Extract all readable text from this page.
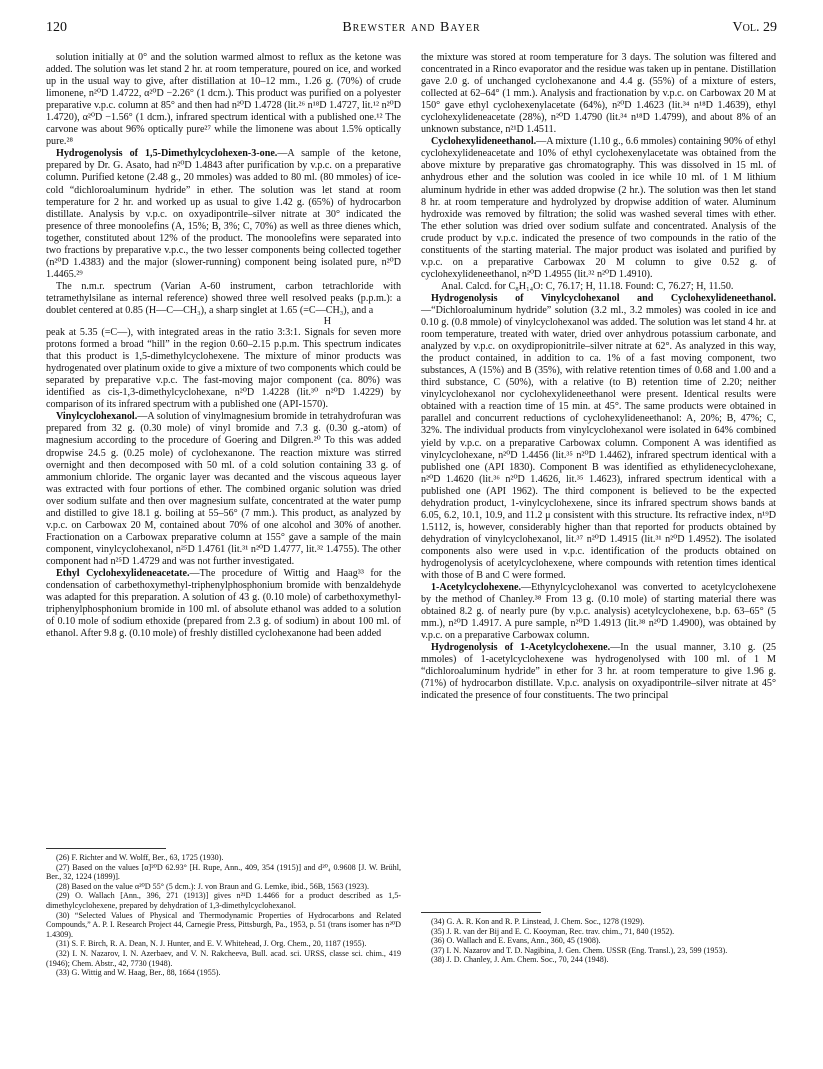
120	Brewster and Bayer	Vol. 29

solution initially at 0° and the solution warmed almost to reflux as the ketone was added. The solution was let stand 2 hr. at room temperature, poured on ice, and worked up in the usual way to give, after distillation at 10–12 mm., 1.26 g. (70%) of crude limonene, n²⁰D 1.4722, α²⁰D −2.26° (1 dcm.). This product was purified on a polyester preparative v.p.c. column at 85° and then had n²⁰D 1.4728 (lit.²⁶ n¹⁸D 1.4727, lit.¹² n²⁰D 1.4720), α²⁰D −1.56° (1 dcm.), infrared spectrum identical with a published one.¹² The carvone was about 96% optically pure²⁷ while the limonene was about 1.5% optically pure.²⁸

Hydrogenolysis of 1,5-Dimethylcyclohexen-3-one.—A sample of the ketone, prepared by Dr. G. Asato, had n²⁰D 1.4843 after purification by v.p.c. on a preparative column. Purified ketone (2.48 g., 20 mmoles) was added to 80 ml. (80 mmoles) of ice-cold “dichloroaluminum hydride” in ether. The solution was let stand at room temperature for 2 hr. and worked up as usual to give 1.42 g. (65%) of hydrocarbon distillate. Analysis by v.p.c. on oxyadipontrile–silver nitrate at 30° indicated the presence of three monoolefins (A, 15%; B, 3%; C, 70%) as well as three dienes which, together, constituted about 12% of the product. The monoolefins were separated into two fractions by preparative v.p.c., the two lesser components being collected together (n²⁰D 1.4383) and the major (slower-running) component being isolated pure, n²⁰D 1.4465.²⁹

The n.m.r. spectrum (Varian A-60 instrument, carbon tetrachloride with tetramethylsilane as internal reference) showed three well resolved peaks (p.p.m.): a doublet centered at 0.85 (H—C—CH₃), a sharp singlet at 1.65 (=C—CH₃), and a

H

peak at 5.35 (=C—), with integrated areas in the ratio 3:3:1. Signals for seven more protons formed a broad “hill” in the region 0.60–2.15 p.p.m. This spectrum indicates that this product is 1,5-dimethylcyclohexene. The mixture of minor products was hydrogenated over platinum oxide to give a mixture of two components which could be separated by preparative v.p.c. The fast-moving major component (ca. 80%) was identified as cis-1,3-dimethylcyclohexane, n²⁰D 1.4228 (lit.³⁰ n²⁰D 1.4229) by comparison of its infrared spectrum with a published one (API-1570).

Vinylcyclohexanol.—A solution of vinylmagnesium bromide in tetrahydrofuran was prepared from 32 g. (0.30 mole) of vinyl bromide and 7.3 g. (0.30 g.-atom) of magnesium according to the procedure of Goering and Dilgren.²⁰ To this was added dropwise 24.5 g. (0.25 mole) of cyclohexanone. The reaction mixture was stirred overnight and then decomposed with 50 ml. of a cold solution containing 33 g. of ammonium chloride. The organic layer was decanted and the viscous aqueous layer was extracted with four portions of ether. The combined organic solution was dried over sodium sulfate and then over magnesium sulfate, concentrated at the water pump and distilled to give 18.1 g. boiling at 55–56° (7 mm.). This product, as analyzed by v.p.c. on Carbowax 20 M, contained about 70% of one alcohol and 30% of another. Fractionation on a Carbowax preparative column at 155° gave a sample of the main component, vinylcyclohexanol, n²⁵D 1.4761 (lit.³¹ n²⁰D 1.4777, lit.³² 1.4755). The other component had n²⁵D 1.4729 and was not further investigated.

Ethyl Cyclohexylideneacetate.—The procedure of Wittig and Haag³³ for the condensation of carbethoxymethyl-triphenylphosphonium bromide with benzaldehyde was adapted for this preparation. A solution of 43 g. (0.10 mole) of carbethoxymethyl-triphenylphosphonium bromide in 100 ml. of absolute ethanol was added to a solution of 0.10 mole of sodium ethoxide (prepared from 2.3 g. of sodium) in about 100 ml. of ethanol. After 9.8 g. (0.10 mole) of freshly distilled cyclohexanone had been added

(26) F. Richter and W. Wolff, Ber., 63, 1725 (1930).
(27) Based on the values [α]²⁰D 62.93° [H. Rupe, Ann., 409, 354 (1915)] and d²⁰₄ 0.9608 [J. W. Brühl, Ber., 32, 1224 (1899)].
(28) Based on the value α²⁰D 55° (5 dcm.): J. von Braun and G. Lemke, ibid., 56B, 1563 (1923).
(29) O. Wallach [Ann., 396, 271 (1913)] gives n²¹D 1.4466 for a product described as 1,5-dimethylcyclohexene, prepared by dehydration of 1,3-dimethylcyclohexanol.
(30) “Selected Values of Physical and Thermodynamic Properties of Hydrocarbons and Related Compounds,” A. P. I. Research Project 44, Carnegie Press, Pittsburgh, Pa., 1953, p. 51 (trans isomer has n²⁰D 1.4309).
(31) S. F. Birch, R. A. Dean, N. J. Hunter, and E. V. Whitehead, J. Org. Chem., 20, 1187 (1955).
(32) I. N. Nazarov, I. N. Azerbaev, and V. N. Rakcheeva, Bull. acad. sci. URSS, classe sci. chim., 419 (1946); Chem. Abstr., 42, 7730 (1948).
(33) G. Wittig and W. Haag, Ber., 88, 1664 (1955).

the mixture was stored at room temperature for 3 days. The solution was filtered and concentrated in a Rinco evaporator and the residue was taken up in pentane. Distillation gave 2.0 g. of unchanged cyclohexanone and 4.4 g. (55%) of a mixture of esters, collected at 62–64° (1 mm.). Analysis and fractionation by v.p.c. on Carbowax 20 M at 150° gave ethyl cyclohexenylacetate (64%), n²⁰D 1.4623 (lit.³⁴ n¹⁸D 1.4639), ethyl cyclohexylideneacetate (28%), n²⁰D 1.4790 (lit.³⁴ n¹⁸D 1.4799), and about 8% of an unknown substance, n²¹D 1.4511.

Cyclohexylideneethanol.—A mixture (1.10 g., 6.6 mmoles) containing 90% of ethyl cyclohexylideneacetate and 10% of ethyl cyclohexenylacetate was obtained from the above mixture by preparative gas chromatography. This was dissolved in 15 ml. of anhydrous ether and the solution was cooled in ice while 10 ml. of 1 M lithium aluminum hydride in ether was added dropwise (2 hr.). The solution was then let stand 8 hr. at room temperature and hydrolyzed by dropwise addition of water. Aluminum hydroxide was removed by filtration; the solid was washed several times with ether. The ether solution was dried over sodium sulfate and concentrated. Analysis of the crude product by v.p.c. indicated the presence of two compounds in the ratio of the constituents of the starting material. The major product was isolated and purified by v.p.c. on a preparative Carbowax 20 M column to give 0.52 g. of cyclohexylideneethanol, n²⁰D 1.4955 (lit.³² n²⁰D 1.4910).

Anal. Calcd. for C₈H₁₄O: C, 76.17; H, 11.18. Found: C, 76.27; H, 11.50.

Hydrogenolysis of Vinylcyclohexanol and Cyclohexylideneethanol.—“Dichloroaluminum hydride” solution (3.2 ml., 3.2 mmoles) was cooled in ice and 0.10 g. (0.8 mmole) of vinylcyclohexanol was added. The solution was let stand 4 hr. at room temperature, treated with water, dried over anhydrous potassium carbonate, and analyzed by v.p.c. on oxydipropionitrile–silver nitrate at 62°. As analyzed in this way, the product contained, in addition to ca. 1% of a fast moving component, two substances, A (15%) and B (35%), with relative retention times of 0.68 and 1.00 and a third substance, C (50%), with a relative (to B) retention time of 2.20; neither vinylcyclohexanol nor cyclohexylideneethanol were present. Identical results were obtained with a reaction time of 15 min. at 45°. The same products were obtained in parallel and concurrent reductions of cyclohexylideneethanol: A, 20%; B, 47%; C, 32%. The individual products from vinylcyclohexanol were isolated in 64% combined yield by v.p.c. on a preparative Carbowax column. Component A was identified as vinylcyclohexane, n²⁰D 1.4456 (lit.³⁵ n²⁰D 1.4462), infrared spectrum identical with a published one (API 1830). Component B was identified as ethylidenecyclohexane, n²⁰D 1.4620 (lit.³⁶ n²⁰D 1.4626, lit.³⁵ 1.4623), infrared spectrum identical with a published one (API 1962). The third component is believed to be the expected dehydration product, 1-vinylcyclohexene, since its infrared spectrum shows bands at 6.05, 6.2, 10.1, 10.9, and 11.2 μ consistent with this structure. Its refractive index, n¹⁹D 1.5112, is, however, considerably higher than that reported for products obtained by dehydration of vinylcyclohexanol, lit.³⁷ n²⁰D 1.4915 (lit.³¹ n²⁰D 1.4952). The isolated components also were used in v.p.c. identification of the products obtained on hydrogenolysis of acetylcyclohexene, where compounds with retention times identical with those of B and C were formed.

1-Acetylcyclohexene.—Ethynylcyclohexanol was converted to acetylcyclohexene by the method of Chanley.³⁸ From 13 g. (0.10 mole) of starting material there was obtained 8.2 g. of nearly pure (by v.p.c. analysis) acetylcyclohexene, b.p. 63–65° (5 mm.), n²⁰D 1.4917. A pure sample, n²⁰D 1.4913 (lit.³⁸ n²⁰D 1.4900), was obtained by v.p.c. on a preparative Carbowax column.

Hydrogenolysis of 1-Acetylcyclohexene.—In the usual manner, 3.10 g. (25 mmoles) of 1-acetylcyclohexene was hydrogenolysed with 100 ml. of 1 M “dichloroaluminum hydride” in ether for 3 hr. at room temperature to give 1.96 g. (71%) of hydrocarbon distillate. V.p.c. analysis on oxyadipontrile–silver nitrate at 45° indicated the presence of four constituents. The two principal

(34) G. A. R. Kon and R. P. Linstead, J. Chem. Soc., 1278 (1929).
(35) J. R. van der Bij and E. C. Kooyman, Rec. trav. chim., 71, 840 (1952).
(36) O. Wallach and E. Evans, Ann., 360, 45 (1908).
(37) I. N. Nazarov and T. D. Nagibina, J. Gen. Chem. USSR (Eng. Transl.), 23, 599 (1953).
(38) J. D. Chanley, J. Am. Chem. Soc., 70, 244 (1948).
